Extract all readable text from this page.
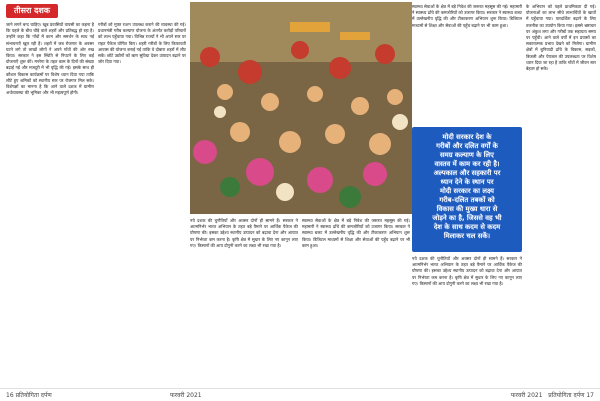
तीसरा दशक
जाने लगने बन्द चाहिए। खूब प्रवासियों वापसी का कहना है कि पहले के बीच चौड़े वाले शहरों और प्रतिबद्ध हो रहा है। उन्होंने कहा कि गाँवों में काम और समर्थन के साथ नई संभावनाएँ खुल रही हैं। शहरों में जब रोजगार के अवसर घटने लगे तो लाखों लोगों ने अपने गाँवों की ओर रुख किया। सरकार ने इस स्थिति से निपटने के लिए कई योजनाएँ शुरू कीं। मनरेगा के तहत काम के दिनों की संख्या बढ़ाई गई और मजदूरी में भी वृद्धि की गई। इसके साथ ही कौशल विकास कार्यक्रमों पर विशेष ध्यान दिया गया ताकि लौटे हुए श्रमिकों को स्थानीय स्तर पर रोजगार मिल सके। विशेषज्ञों का मानना है कि आने वाले दशक में ग्रामीण अर्थव्यवस्था की भूमिका और भी महत्वपूर्ण होगी।
गरीबों को मुफ्त राशन उपलब्ध कराने की व्यवस्था की गई। प्रधानमंत्री गरीब कल्याण योजना के अंतर्गत करोड़ों परिवारों को लाभ पहुँचाया गया। विभिन्न राज्यों ने भी अपने स्तर पर राहत पैकेज घोषित किए। शहरी गरीबों के लिए किफायती आवास की योजना बनाई गई ताकि वे दोबारा शहरों में लौट सकें। छोटे उद्योगों को ऋण सुविधा देकर उत्पादन बढ़ाने पर जोर दिया गया।
नये दशक की चुनौतियाँ और अवसर दोनों ही सामने हैं। सरकार ने आत्मनिर्भर भारत अभियान के तहत बड़े पैमाने पर आर्थिक पैकेज की घोषणा की। इसका उद्देश्य स्थानीय उत्पादन को बढ़ावा देना और आयात पर निर्भरता कम करना है। कृषि क्षेत्र में सुधार के लिए नए कानून लाए गए। किसानों की आय दोगुनी करने का लक्ष्य भी रखा गया है।
स्वास्थ्य सेवाओं के क्षेत्र में बड़े निवेश की जरूरत महसूस की गई। महामारी ने स्वास्थ्य ढाँचे की कमजोरियों को उजागर किया। सरकार ने स्वास्थ्य बजट में उल्लेखनीय वृद्धि की और टीकाकरण अभियान शुरू किया। डिजिटल माध्यमों से शिक्षा और सेवाओं की पहुँच बढ़ाने पर भी काम हुआ।
स्वास्थ्य सेवाओं के क्षेत्र में बड़े निवेश की जरूरत महसूस की गई। महामारी ने स्वास्थ्य ढाँचे की कमजोरियों को उजागर किया। सरकार ने स्वास्थ्य बजट में उल्लेखनीय वृद्धि की और टीकाकरण अभियान शुरू किया। डिजिटल माध्यमों से शिक्षा और सेवाओं की पहुँच बढ़ाने पर भी काम हुआ।
मोदी सरकार देश के
गरीबों और दलित वर्गों के
समग्र कल्याण के लिए
वास्तव में काम कर रही है।
अल्पकाल और सहकारी पर
ध्यान देने के स्थान पर
मोदी सरकार का लक्ष्य
गरीब-दलित तबकों को
विकास की मुख्य धारा से
जोड़ने का है, जिससे वह भी
देश के साथ कदम से कदम
मिलाकर चल सकें।
नये दशक की चुनौतियाँ और अवसर दोनों ही सामने हैं। सरकार ने आत्मनिर्भर भारत अभियान के तहत बड़े पैमाने पर आर्थिक पैकेज की घोषणा की। इसका उद्देश्य स्थानीय उत्पादन को बढ़ावा देना और आयात पर निर्भरता कम करना है। कृषि क्षेत्र में सुधार के लिए नए कानून लाए गए। किसानों की आय दोगुनी करने का लक्ष्य भी रखा गया है।
के अभियान को पहले प्राथमिकता दी गई। योजनाओं का लाभ सीधे लाभार्थियों के खातों में पहुँचाया गया। पारदर्शिता बढ़ाने के लिए तकनीक का उपयोग किया गया। इससे भ्रष्टाचार पर अंकुश लगा और गरीबों तक सहायता समय पर पहुँची। आने वाले वर्षों में इन प्रयासों का सकारात्मक प्रभाव देखने को मिलेगा। ग्रामीण क्षेत्रों में बुनियादी ढाँचे के विकास, सड़कों, बिजली और पेयजल की उपलब्धता पर विशेष ध्यान दिया जा रहा है ताकि गाँवों में जीवन स्तर बेहतर हो सके।
16 प्रतियोगिता दर्पण	फरवरी 2021	फरवरी 2021 प्रतियोगिता दर्पण 17
